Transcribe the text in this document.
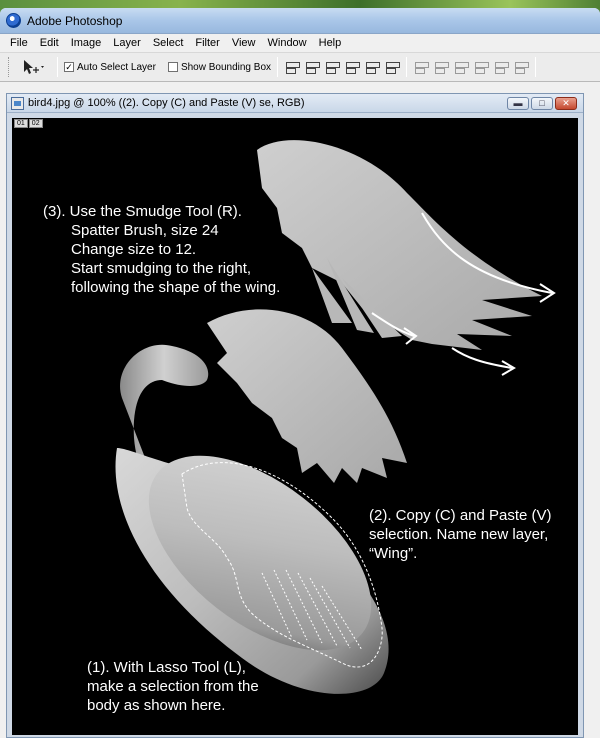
Adobe Photoshop
File	Edit	Image	Layer	Select	Filter	View	Window	Help
✓ Auto Select Layer	Show Bounding Box
bird4.jpg @ 100% ((2). Copy (C) and Paste (V) se, RGB)	▬	□	✕
01	02
(3). Use the Smudge Tool (R).
Spatter Brush, size 24
Change size to 12.
Start smudging to the right,
following the shape of the wing.
(2). Copy (C) and Paste (V)
selection. Name new layer,
“Wing”.
(1). With Lasso Tool (L),
make a selection from the
body as shown here.
